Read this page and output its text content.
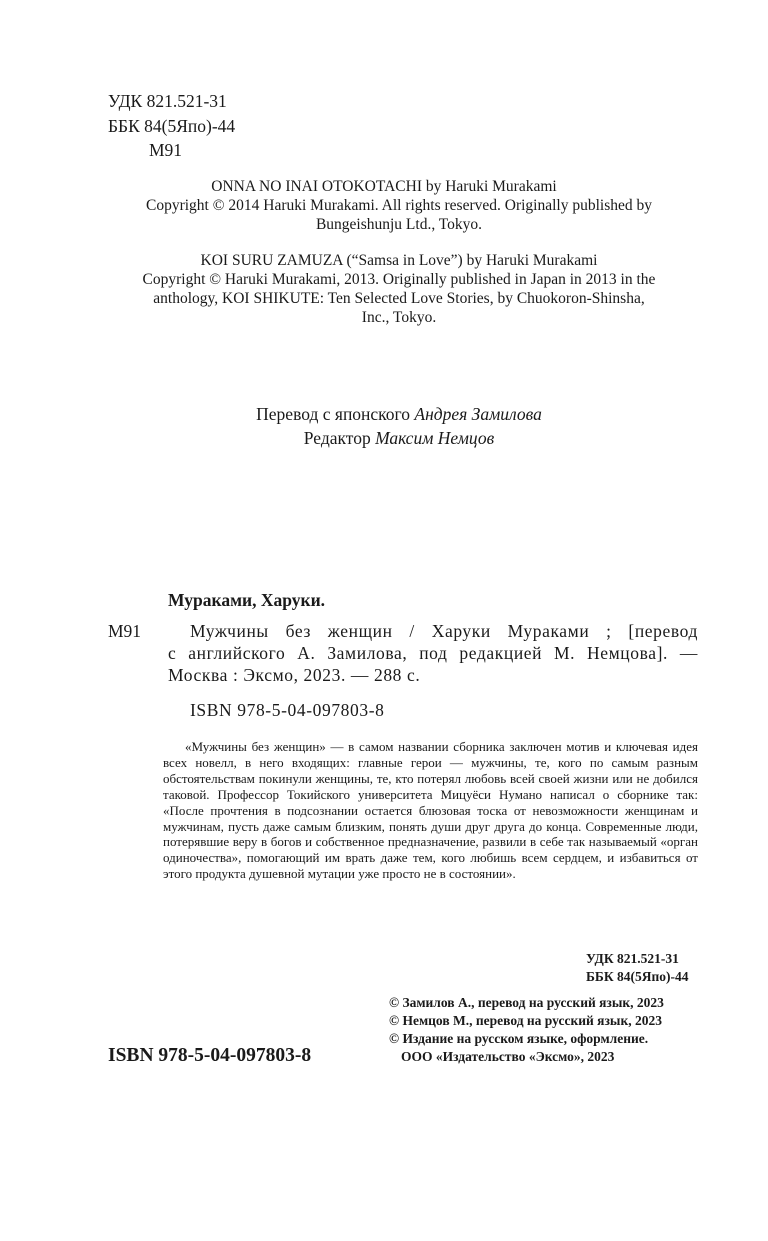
УДК 821.521-31
ББК 84(5Япо)-44
М91
ONNA NO INAI OTOKOTACHI by Haruki Murakami
Copyright © 2014 Haruki Murakami. All rights reserved. Originally published by
Bungeishunju Ltd., Tokyo.
KOI SURU ZAMUZA (“Samsa in Love”) by Haruki Murakami
Copyright © Haruki Murakami, 2013. Originally published in Japan in 2013 in the
anthology, KOI SHIKUTE: Ten Selected Love Stories, by Chuokoron-Shinsha,
Inc., Tokyo.
Перевод с японского Андрея Замилова
Редактор Максим Немцов
Мураками, Харуки.
М91	Мужчины без женщин / Харуки Мураками ; [перевод
с английского А. Замилова, под редакцией М. Немцова]. —
Москва : Эксмо, 2023. — 288 с.
ISBN 978-5-04-097803-8

«Мужчины без женщин» — в самом названии сборника заключен мотив и ключевая идея всех новелл, в него входящих: главные герои — мужчины, те, кого по самым разным обстоятельствам покинули женщины, те, кто потерял любовь всей своей жизни или не добился таковой. Профессор Токийского университета Мицуёси Нумано написал о сборнике так: «После прочтения в подсознании остается блюзовая тоска от невозможности женщинам и мужчинам, пусть даже самым близким, понять души друг друга до конца. Современные люди, потерявшие веру в богов и собственное предназначение, развили в себе так называемый «орган одиночества», помогающий им врать даже тем, кого любишь всем сердцем, и избавиться от этого продукта душевной мутации уже просто не в состоянии».

УДК 821.521-31
ББК 84(5Япо)-44
ISBN 978-5-04-097803-8
© Замилов А., перевод на русский язык, 2023
© Немцов М., перевод на русский язык, 2023
© Издание на русском языке, оформление.
ООО «Издательство «Эксмо», 2023
